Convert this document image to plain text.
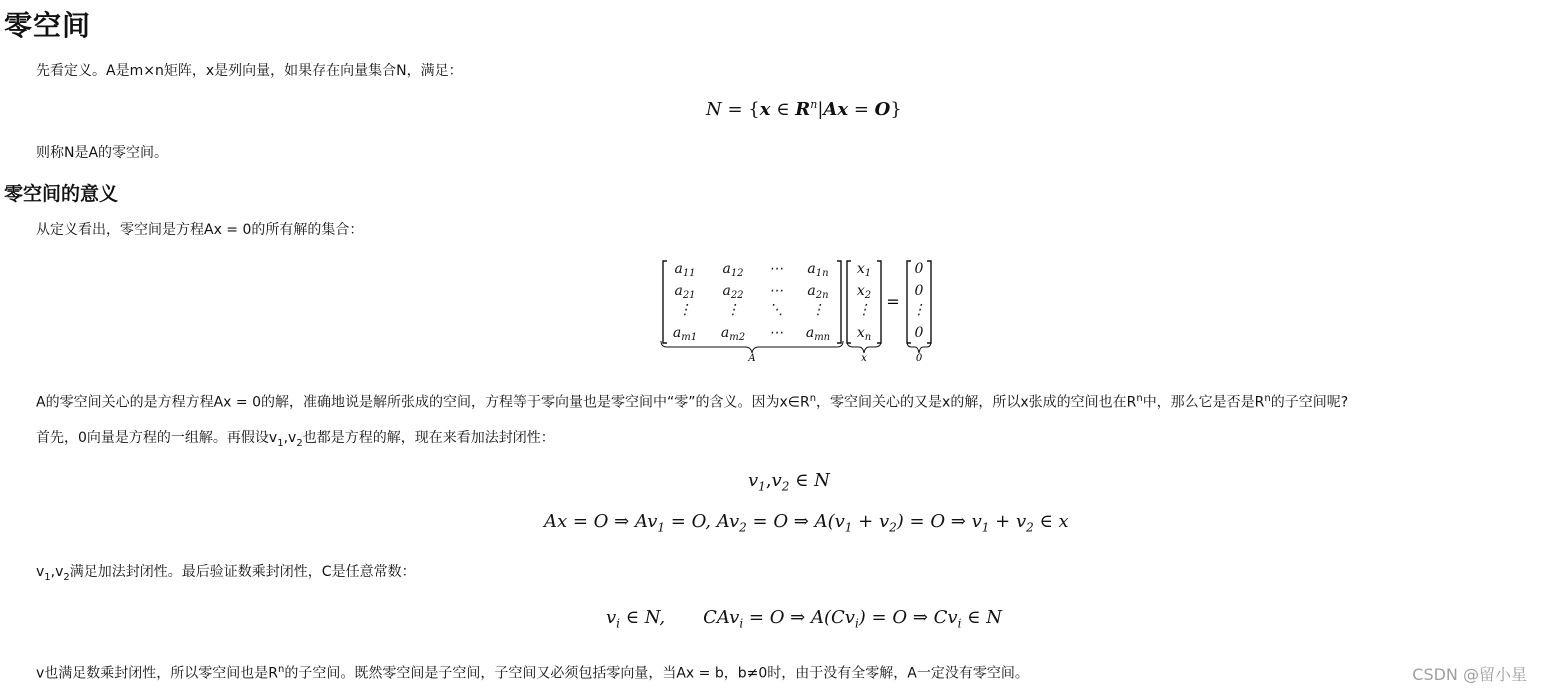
零空间
先看定义。A是m×n矩阵，x是列向量，如果存在向量集合N，满足：
N = {x ∈ $R^n|Ax = O$}
则称N是A的零空间。
零空间的意义
从定义看出，零空间是方程Ax = 0的所有解的集合：
$a_{11}$ $a_{12}$ ⋯ $a_{1n}$
$a_{21}$ $a_{22}$ ⋯ $a_{2n}$
⋮ ⋮ ⋱ ⋮
$a_{m1}$ $a_{m2}$ ⋯ $a_{mn}$
$x_1$
$x_2$
⋮
$x_n$
0
0
⋮
0
=
A	x	0
A的零空间关心的是方程方程Ax = 0的解，准确地说是解所张成的空间，方程等于零向量也是零空间中“零”的含义。因为$x\in R^n$，零空间关心的又是x的解，所以x张成的空间也在$R^n$中，那么它是否是$R^n$的子空间呢?
首先，0向量是方程的一组解。再假设$v_1,v_2$也都是方程的解，现在来看加法封闭性：
$v_1,v_2$ ∈ N
Ax = O ⇒ $Av_1 = O$, $Av_2 = O$ ⇒ $A(v_1 + v_2) = O$ ⇒ $v_1 + v_2$ ∈ x
$v_1,v_2$满足加法封闭性。最后验证数乘封闭性，C是任意常数：
$v_i$ ∈ N, CAv$_i$ = O ⇒ $A(Cv_i) = O$ ⇒ $Cv_i$ ∈ N
v也满足数乘封闭性，所以零空间也是$R^n$的子空间。既然零空间是子空间，子空间又必须包括零向量，当Ax = b，b≠0时，由于没有全零解，A一定没有零空间。	CSDN @留小星
